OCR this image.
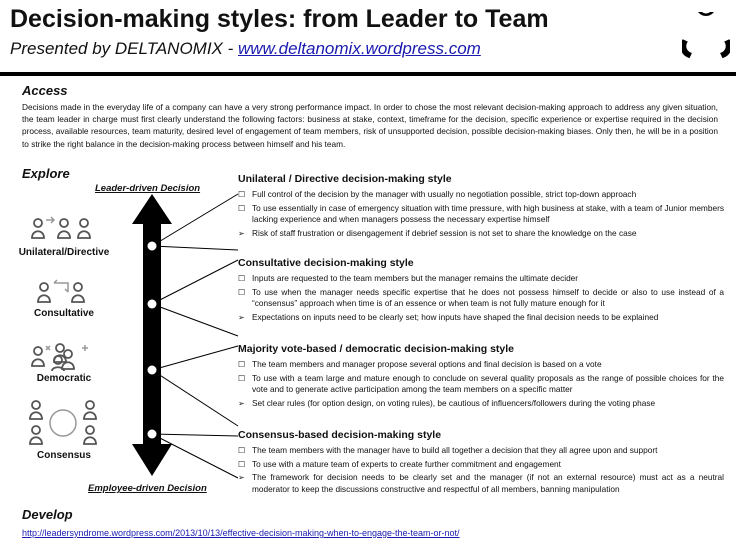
Decision-making styles: from Leader to Team
Presented by DELTANOMIX - www.deltanomix.wordpress.com
Access

Decisions made in the everyday life of a company can have a very strong performance impact. In order to chose the most relevant decision-making approach to address any given situation, the team leader in charge must first clearly understand the following factors: business at stake, context, timeframe for the decision, specific experience or expertise required in the decision process, available resources, team maturity, desired level of engagement of team members, risk of unsupported decision, possible decision-making biases. Only then, he will be in a position to strike the right balance in the decision-making process between himself and his team.

Explore
Leader-driven Decision
Employee-driven Decision
Unilateral/Directive
Consultative
Democratic
Consensus
Unilateral / Directive decision-making style
☐ Full control of the decision by the manager with usually no negotiation possible, strict top-down approach
☐ To use essentially in case of emergency situation with time pressure, with high business at stake, with a team of Junior members lacking experience and when managers possess the necessary expertise himself
➢ Risk of staff frustration or disengagement if debrief session is not set to share the knowledge on the case
Consultative decision-making style
☐ Inputs are requested to the team members but the manager remains the ultimate decider
☐ To use when the manager needs specific expertise that he does not possess himself to decide or also to use instead of a “consensus” approach when time is of an essence or when team is not fully mature enough for it
➢ Expectations on inputs need to be clearly set; how inputs have shaped the final decision needs to be explained
Majority vote-based / democratic decision-making style
☐ The team members and manager propose several options and final decision is based on a vote
☐ To use with a team large and mature enough to conclude on several quality proposals as the range of possible choices for the vote and to generate active participation among the team members on a specific matter
➢ Set clear rules (for option design, on voting rules), be cautious of influencers/followers during the voting phase
Consensus-based decision-making style
☐ The team members with the manager have to build all together a decision that they all agree upon and support
☐ To use with a mature team of experts to create further commitment and engagement
➢ The framework for decision needs to be clearly set and the manager (if not an external resource) must act as a neutral moderator to keep the discussions constructive and respectful of all members, banning manipulation
Develop
http://leadersyndrome.wordpress.com/2013/10/13/effective-decision-making-when-to-engage-the-team-or-not/
